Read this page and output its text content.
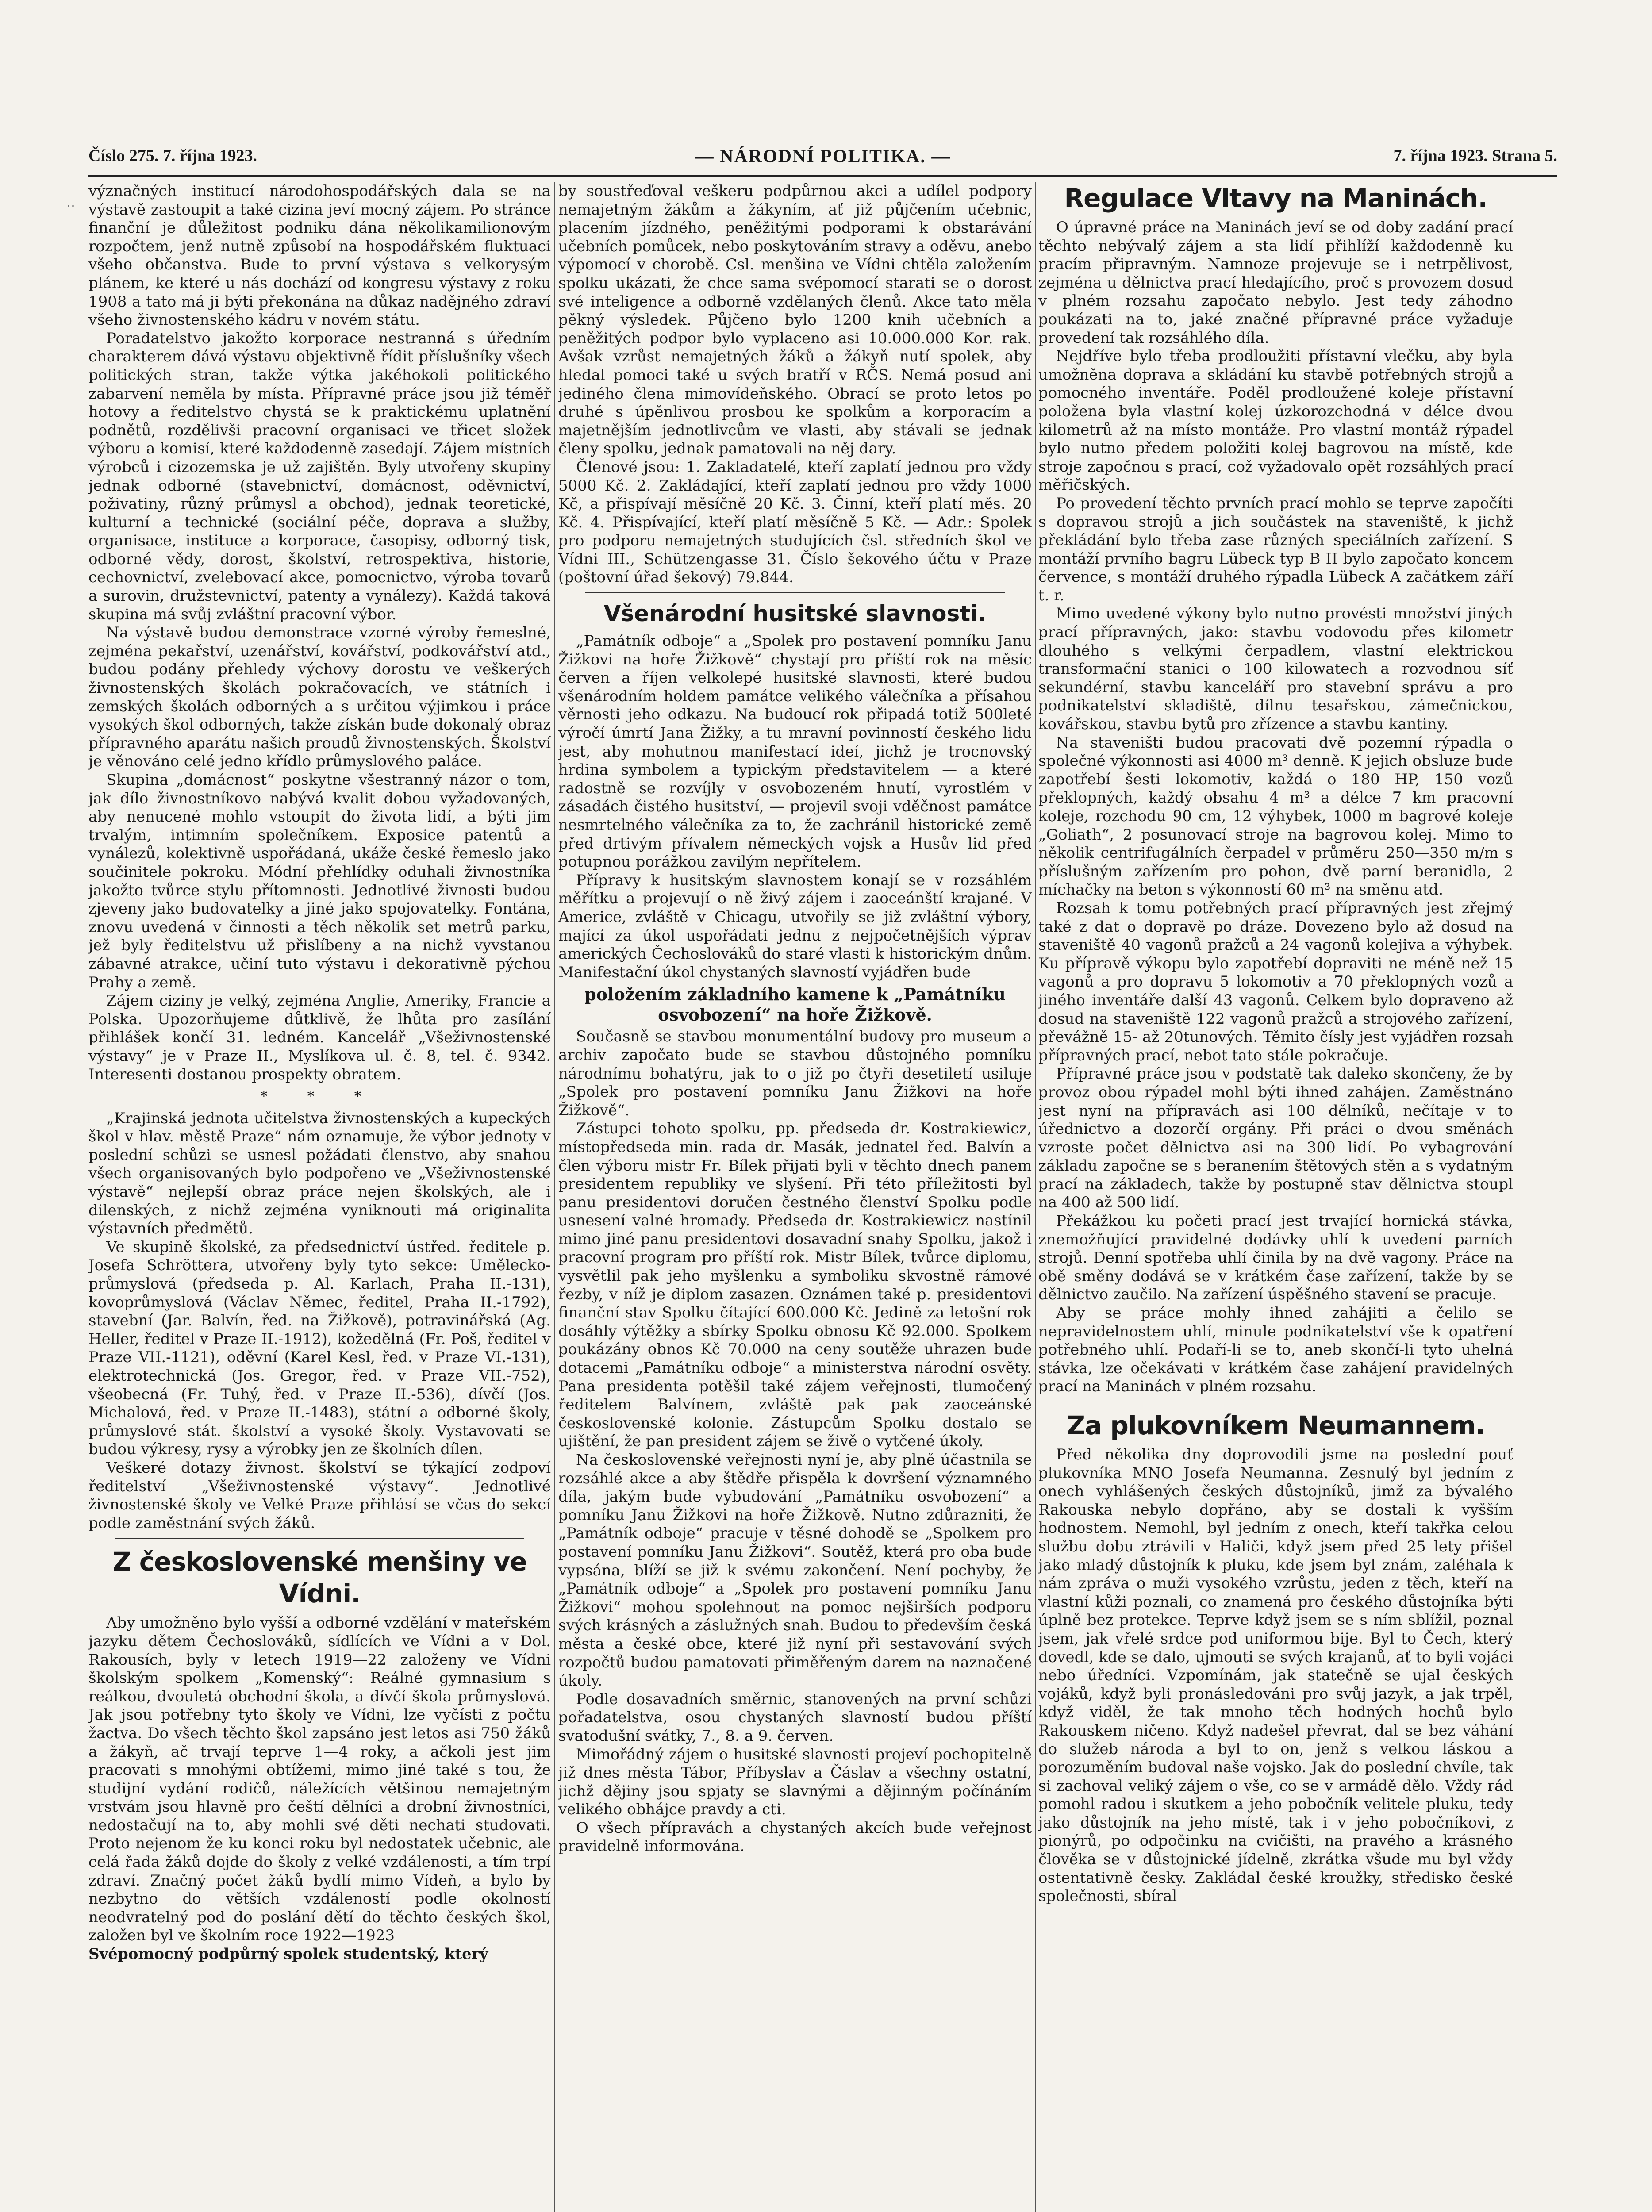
‥
Číslo 275. 7. října 1923.	— NÁRODNÍ POLITIKA. —	7. října 1923. Strana 5.

význačných institucí národohospodářských dala se na výstavě zastoupit a také cizina jeví mocný zájem. Po stránce finanční je důležitost podniku dána několikamilionovým rozpočtem, jenž nutně způsobí na hospodářském fluktuaci všeho občanstva. Bude to první výstava s velkorysým plánem, ke které u nás dochází od kongresu výstavy z roku 1908 a tato má ji býti překonána na důkaz nadějného zdraví všeho živnostenského kádru v novém státu.

Poradatelstvo jakožto korporace nestranná s úředním charakterem dává výstavu objektivně řídit příslušníky všech politických stran, takže výtka jakéhokoli politického zabarvení neměla by místa. Přípravné práce jsou již téměř hotovy a ředitelstvo chystá se k praktickému uplatnění podnětů, rozdělivši pracovní organisaci ve třicet složek výboru a komisí, které každodenně zasedají. Zájem místních výrobců i cizozemska je už zajištěn. Byly utvořeny skupiny jednak odborné (stavebnictví, domácnost, oděvnictví, poživatiny, různý průmysl a obchod), jednak teoretické, kulturní a technické (sociální péče, doprava a služby, organisace, instituce a korporace, časopisy, odborný tisk, odborné vědy, dorost, školství, retrospektiva, historie, cechovnictví, zvelebovací akce, pomocnictvo, výroba tovarů a surovin, družstevnictví, patenty a vynálezy). Každá taková skupina má svůj zvláštní pracovní výbor.

Na výstavě budou demonstrace vzorné výroby řemeslné, zejména pekařství, uzenářství, kovářství, podkovářství atd., budou podány přehledy výchovy dorostu ve veškerých živnostenských školách pokračovacích, ve státních i zemských školách odborných a s určitou výjimkou i práce vysokých škol odborných, takže získán bude dokonalý obraz přípravného aparátu našich proudů živnostenských. Školství je věnováno celé jedno křídlo průmyslového paláce.

Skupina „domácnost“ poskytne všestranný názor o tom, jak dílo živnostníkovo nabývá kvalit dobou vyžadovaných, aby nenucené mohlo vstoupit do života lidí, a býti jim trvalým, intimním společníkem. Exposice patentů a vynálezů, kolektivně uspořádaná, ukáže české řemeslo jako součinitele pokroku. Módní přehlídky oduhali živnostníka jakožto tvůrce stylu přítomnosti. Jednotlivé živnosti budou zjeveny jako budovatelky a jiné jako spojovatelky. Fontána, znovu uvedená v činnosti a těch několik set metrů parku, jež byly ředitelstvu už přislíbeny a na nichž vyvstanou zábavné atrakce, učiní tuto výstavu i dekorativně pýchou Prahy a země.

Zájem ciziny je velký, zejména Anglie, Ameriky, Francie a Polska. Upozorňujeme důtklivě, že lhůta pro zasílání přihlášek končí 31. ledném. Kancelář „Všeživnostenské výstavy“ je v Praze II., Myslíkova ul. č. 8, tel. č. 9342. Interesenti dostanou prospekty obratem.

* * *

„Krajinská jednota učitelstva živnostenských a kupeckých škol v hlav. městě Praze“ nám oznamuje, že výbor jednoty v poslední schůzi se usnesl požádati členstvo, aby snahou všech organisovaných bylo podpořeno ve „Všeživnostenské výstavě“ nejlepší obraz práce nejen školských, ale i dilenských, z nichž zejména vyniknouti má originalita výstavních předmětů.

Ve skupině školské, za předsednictví ústřed. ředitele p. Josefa Schröttera, utvořeny byly tyto sekce: Umělecko-průmyslová (předseda p. Al. Karlach, Praha II.-131), kovoprůmyslová (Václav Němec, ředitel, Praha II.-1792), stavební (Jar. Balvín, řed. na Žižkově), potravinářská (Ag. Heller, ředitel v Praze II.-1912), kožedělná (Fr. Poš, ředitel v Praze VII.-1121), oděvní (Karel Kesl, řed. v Praze VI.-131), elektrotechnická (Jos. Gregor, řed. v Praze VII.-752), všeobecná (Fr. Tuhý, řed. v Praze II.-536), dívčí (Jos. Michalová, řed. v Praze II.-1483), státní a odborné školy, průmyslové stát. školství a vysoké školy. Vystavovati se budou výkresy, rysy a výrobky jen ze školních dílen.

Veškeré dotazy živnost. školství se týkající zodpoví ředitelství „Všeživnostenské výstavy“. Jednotlivé živnostenské školy ve Velké Praze přihlásí se včas do sekcí podle zaměstnání svých žáků.

Z československé menšiny ve Vídni.

Aby umožněno bylo vyšší a odborné vzdělání v mateřském jazyku dětem Čechoslováků, sídlících ve Vídni a v Dol. Rakousích, byly v letech 1919—22 založeny ve Vídni školským spolkem „Komenský“: Reálné gymnasium s reálkou, dvouletá obchodní škola, a dívčí škola průmyslová. Jak jsou potřebny tyto školy ve Vídni, lze vyčísti z počtu žactva. Do všech těchto škol zapsáno jest letos asi 750 žáků a žákyň, ač trvají teprve 1—4 roky, a ačkoli jest jim pracovati s mnohými obtížemi, mimo jiné také s tou, že studijní vydání rodičů, náležících většinou nemajetným vrstvám jsou hlavně pro čeští dělníci a drobní živnostníci, nedostačují na to, aby mohli své děti nechati studovati. Proto nejenom že ku konci roku byl nedostatek učebnic, ale celá řada žáků dojde do školy z velké vzdálenosti, a tím trpí zdraví. Značný počet žáků bydlí mimo Vídeň, a bylo by nezbytno do větších vzdáleností podle okolností neodvratelný pod do poslání dětí do těchto českých škol, založen byl ve školním roce 1922—1923

Svépomocný podpůrný spolek studentský, který

by soustřeďoval veškeru podpůrnou akci a udílel podpory nemajetným žákům a žákyním, ať již půjčením učebnic, placením jízdného, peněžitými podporami k obstarávání učebních pomůcek, nebo poskytováním stravy a oděvu, anebo výpomocí v chorobě. Csl. menšina ve Vídni chtěla založením spolku ukázati, že chce sama svépomocí starati se o dorost své inteligence a odborně vzdělaných členů. Akce tato měla pěkný výsledek. Půjčeno bylo 1200 knih učebních a peněžitých podpor bylo vyplaceno asi 10.000.000 Kor. rak. Avšak vzrůst nemajetných žáků a žákyň nutí spolek, aby hledal pomoci také u svých bratří v RČS. Nemá posud ani jediného člena mimovídeňského. Obrací se proto letos po druhé s úpěnlivou prosbou ke spolkům a korporacím a majetnějším jednotlivcům ve vlasti, aby stávali se jednak členy spolku, jednak pamatovali na něj dary.

Členové jsou: 1. Zakladatelé, kteří zaplatí jednou pro vždy 5000 Kč. 2. Zakládající, kteří zaplatí jednou pro vždy 1000 Kč, a přispívají měsíčně 20 Kč. 3. Činní, kteří platí měs. 20 Kč. 4. Přispívající, kteří platí měsíčně 5 Kč. — Adr.: Spolek pro podporu nemajetných studujících čsl. středních škol ve Vídni III., Schützengasse 31. Číslo šekového účtu v Praze (poštovní úřad šekový) 79.844.

Všenárodní husitské slavnosti.

„Památník odboje“ a „Spolek pro postavení pomníku Janu Žižkovi na hoře Žižkově“ chystají pro příští rok na měsíc červen a říjen velkolepé husitské slavnosti, které budou všenárodním holdem památce velikého válečníka a přísahou věrnosti jeho odkazu. Na budoucí rok připadá totiž 500leté výročí úmrtí Jana Žižky, a tu mravní povinností českého lidu jest, aby mohutnou manifestací ideí, jichž je trocnovský hrdina symbolem a typickým představitelem — a které radostně se rozvíjly v osvobozeném hnutí, vyrostlém v zásadách čistého husitství, — projevil svoji vděčnost památce nesmrtelného válečníka za to, že zachránil historické země před drtivým přívalem německých vojsk a Husův lid před potupnou porážkou zavilým nepřítelem.

Přípravy k husitským slavnostem konají se v rozsáhlém měřítku a projevují o ně živý zájem i zaoceánští krajané. V Americe, zvláště v Chicagu, utvořily se již zvláštní výbory, mající za úkol uspořádati jednu z nejpočetnějších výprav amerických Čechoslováků do staré vlasti k historickým dnům. Manifestační úkol chystaných slavností vyjádřen bude

položením základního kamene k „Památníku osvobození“ na hoře Žižkově.

Současně se stavbou monumentální budovy pro museum a archiv započato bude se stavbou důstojného pomníku národnímu bohatýru, jak to o již po čtyři desetiletí usiluje „Spolek pro postavení pomníku Janu Žižkovi na hoře Žižkově“.

Zástupci tohoto spolku, pp. předseda dr. Kostrakiewicz, místopředseda min. rada dr. Masák, jednatel řed. Balvín a člen výboru mistr Fr. Bílek přijati byli v těchto dnech panem presidentem republiky ve slyšení. Při této příležitosti byl panu presidentovi doručen čestného členství Spolku podle usnesení valné hromady. Předseda dr. Kostrakiewicz nastínil mimo jiné panu presidentovi dosavadní snahy Spolku, jakož i pracovní program pro příští rok. Mistr Bílek, tvůrce diplomu, vysvětlil pak jeho myšlenku a symboliku skvostně rámové řezby, v níž je diplom zasazen. Oznámen také p. presidentovi finanční stav Spolku čítající 600.000 Kč. Jedině za letošní rok dosáhly výtěžky a sbírky Spolku obnosu Kč 92.000. Spolkem poukázány obnos Kč 70.000 na ceny soutěže uhrazen bude dotacemi „Památníku odboje“ a ministerstva národní osvěty. Pana presidenta potěšil také zájem veřejnosti, tlumočený ředitelem Balvínem, zvláště pak pak zaoceánské československé kolonie. Zástupcům Spolku dostalo se ujištění, že pan president zájem se živě o vytčené úkoly.

Na československé veřejnosti nyní je, aby plně účastnila se rozsáhlé akce a aby štědře přispěla k dovršení významného díla, jakým bude vybudování „Památníku osvobození“ a pomníku Janu Žižkovi na hoře Žižkově. Nutno zdůrazniti, že „Památník odboje“ pracuje v těsné dohodě se „Spolkem pro postavení pomníku Janu Žižkovi“. Soutěž, která pro oba bude vypsána, blíží se již k svému zakončení. Není pochyby, že „Památník odboje“ a „Spolek pro postavení pomníku Janu Žižkovi“ mohou spolehnout na pomoc nejširších podporu svých krásných a záslužných snah. Budou to především česká města a české obce, které již nyní při sestavování svých rozpočtů budou pamatovati přiměřeným darem na naznačené úkoly.

Podle dosavadních směrnic, stanovených na první schůzi pořadatelstva, osou chystaných slavností budou příští svatodušní svátky, 7., 8. a 9. červen.

Mimořádný zájem o husitské slavnosti projeví pochopitelně již dnes města Tábor, Příbyslav a Čáslav a všechny ostatní, jichž dějiny jsou spjaty se slavnými a dějinným počínáním velikého obhájce pravdy a cti.

O všech přípravách a chystaných akcích bude veřejnost pravidelně informována.

Regulace Vltavy na Maninách.

O úpravné práce na Maninách jeví se od doby zadání prací těchto nebývalý zájem a sta lidí přihlíží každodenně ku pracím připravným. Namnoze projevuje se i netrpělivost, zejména u dělnictva prací hledajícího, proč s provozem dosud v plném rozsahu započato nebylo. Jest tedy záhodno poukázati na to, jaké značné přípravné práce vyžaduje provedení tak rozsáhlého díla.

Nejdříve bylo třeba prodloužiti přístavní vlečku, aby byla umožněna doprava a skládání ku stavbě potřebných strojů a pomocného inventáře. Poděl prodloužené koleje přístavní položena byla vlastní kolej úzkorozchodná v délce dvou kilometrů až na místo montáže. Pro vlastní montáž rýpadel bylo nutno předem položiti kolej bagrovou na místě, kde stroje započnou s prací, což vyžadovalo opět rozsáhlých prací měřičských.

Po provedení těchto prvních prací mohlo se teprve započíti s dopravou strojů a jich součástek na staveniště, k jichž překládání bylo třeba zase různých speciálních zařízení. S montáží prvního bagru Lübeck typ B II bylo započato koncem července, s montáží druhého rýpadla Lübeck A začátkem září t. r.

Mimo uvedené výkony bylo nutno provésti množství jiných prací přípravných, jako: stavbu vodovodu přes kilometr dlouhého s velkými čerpadlem, vlastní elektrickou transformační stanici o 100 kilowatech a rozvodnou síť sekundérní, stavbu kanceláří pro stavební správu a pro podnikatelství skladiště, dílnu tesařskou, zámečnickou, kovářskou, stavbu bytů pro zřízence a stavbu kantiny.

Na staveništi budou pracovati dvě pozemní rýpadla o společné výkonnosti asi 4000 m³ denně. K jejich obsluze bude zapotřebí šesti lokomotiv, každá o 180 HP, 150 vozů překlopných, každý obsahu 4 m³ a délce 7 km pracovní koleje, rozchodu 90 cm, 12 výhybek, 1000 m bagrové koleje „Goliath“, 2 posunovací stroje na bagrovou kolej. Mimo to několik centrifugálních čerpadel v průměru 250—350 m/m s příslušným zařízením pro pohon, dvě parní beranidla, 2 míchačky na beton s výkonností 60 m³ na směnu atd.

Rozsah k tomu potřebných prací přípravných jest zřejmý také z dat o dopravě po dráze. Dovezeno bylo až dosud na staveniště 40 vagonů pražců a 24 vagonů kolejiva a výhybek. Ku přípravě výkopu bylo zapotřebí dopraviti ne méně než 15 vagonů a pro dopravu 5 lokomotiv a 70 překlopných vozů a jiného inventáře další 43 vagonů. Celkem bylo dopraveno až dosud na staveniště 122 vagonů pražců a strojového zařízení, převážně 15- až 20tunových. Těmito čísly jest vyjádřen rozsah přípravných prací, nebot tato stále pokračuje.

Přípravné práce jsou v podstatě tak daleko skončeny, že by provoz obou rýpadel mohl býti ihned zahájen. Zaměstnáno jest nyní na přípravách asi 100 dělníků, nečítaje v to úřednictvo a dozorčí orgány. Při práci o dvou směnách vzroste počet dělnictva asi na 300 lidí. Po vybagrování základu započne se s beranením štětových stěn a s vydatným prací na základech, takže by postupně stav dělnictva stoupl na 400 až 500 lidí.

Překážkou ku početi prací jest trvající hornická stávka, znemožňující pravidelné dodávky uhlí k uvedení parních strojů. Denní spotřeba uhlí činila by na dvě vagony. Práce na obě směny dodává se v krátkém čase zařízení, takže by se dělnictvo zaučilo. Na zařízení úspěšného stavení se pracuje.

Aby se práce mohly ihned zahájiti a čelilo se nepravidelnostem uhlí, minule podnikatelství vše k opatření potřebného uhlí. Podaří-li se to, aneb skončí-li tyto uhelná stávka, lze očekávati v krátkém čase zahájení pravidelných prací na Maninách v plném rozsahu.

Za plukovníkem Neumannem.

Před několika dny doprovodili jsme na poslední pouť plukovníka MNO Josefa Neumanna. Zesnulý byl jedním z onech vyhlášených českých důstojníků, jimž za bývalého Rakouska nebylo dopřáno, aby se dostali k vyšším hodnostem. Nemohl, byl jedním z onech, kteří takřka celou službu dobu ztrávili v Haliči, když jsem před 25 lety přišel jako mladý důstojník k pluku, kde jsem byl znám, zaléhala k nám zpráva o muži vysokého vzrůstu, jeden z těch, kteří na vlastní kůži poznali, co znamená pro českého důstojníka býti úplně bez protekce. Teprve když jsem se s ním sblížil, poznal jsem, jak vřelé srdce pod uniformou bije. Byl to Čech, který dovedl, kde se dalo, ujmouti se svých krajanů, ať to byli vojáci nebo úředníci. Vzpomínám, jak statečně se ujal českých vojáků, když byli pronásledováni pro svůj jazyk, a jak trpěl, když viděl, že tak mnoho těch hodných hochů bylo Rakouskem ničeno. Když nadešel převrat, dal se bez váhání do služeb národa a byl to on, jenž s velkou láskou a porozuměním budoval naše vojsko. Jak do poslední chvíle, tak si zachoval veliký zájem o vše, co se v armádě dělo. Vždy rád pomohl radou i skutkem a jeho pobočník velitele pluku, tedy jako důstojník na jeho místě, tak i v jeho pobočníkovi, z pionýrů, po odpočinku na cvičišti, na pravého a krásného člověka se v důstojnické jídelně, zkrátka všude mu byl vždy ostentativně česky. Zakládal české kroužky, středisko české společnosti, sbíral
